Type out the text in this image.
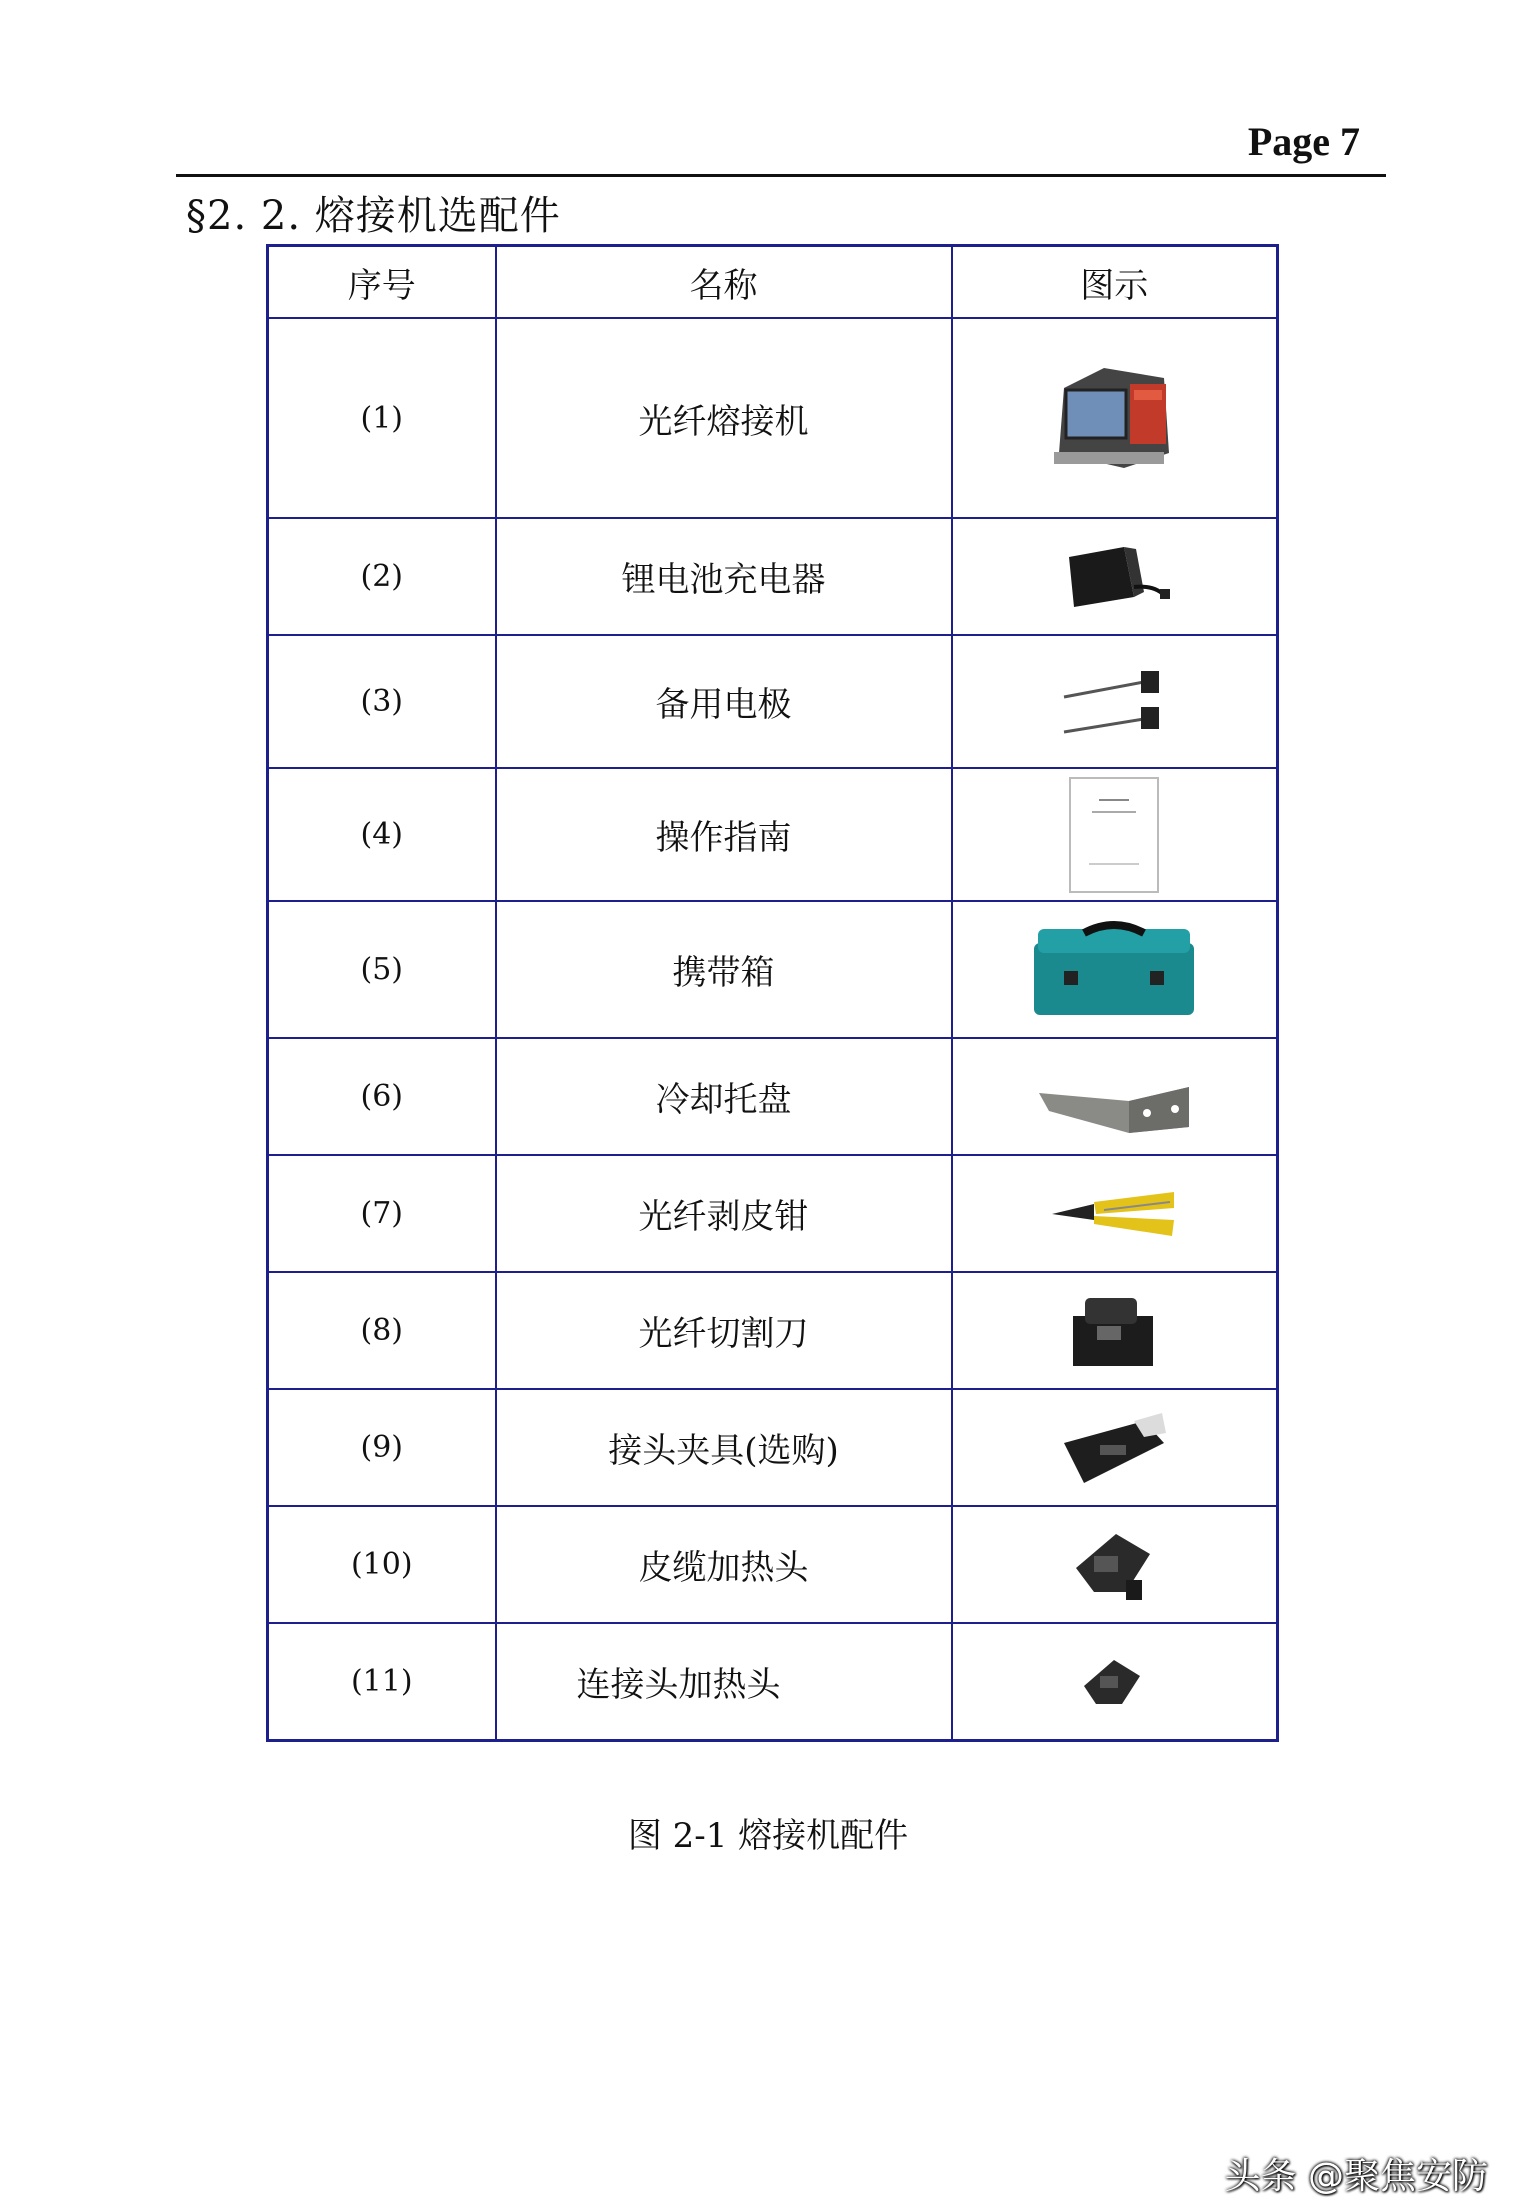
Page 7
§2. 2. 熔接机选配件
序号	名称	图示
(1)	光纤熔接机	

(2)	锂电池充电器	

(3)	备用电极	

(4)	操作指南	

(5)	携带箱	

(6)	冷却托盘	

(7)	光纤剥皮钳	

(8)	光纤切割刀	

(9)	接头夹具(选购)	

(10)	皮缆加热头	

(11)	连接头加热头	
图 2-1 熔接机配件
头条 @聚焦安防
